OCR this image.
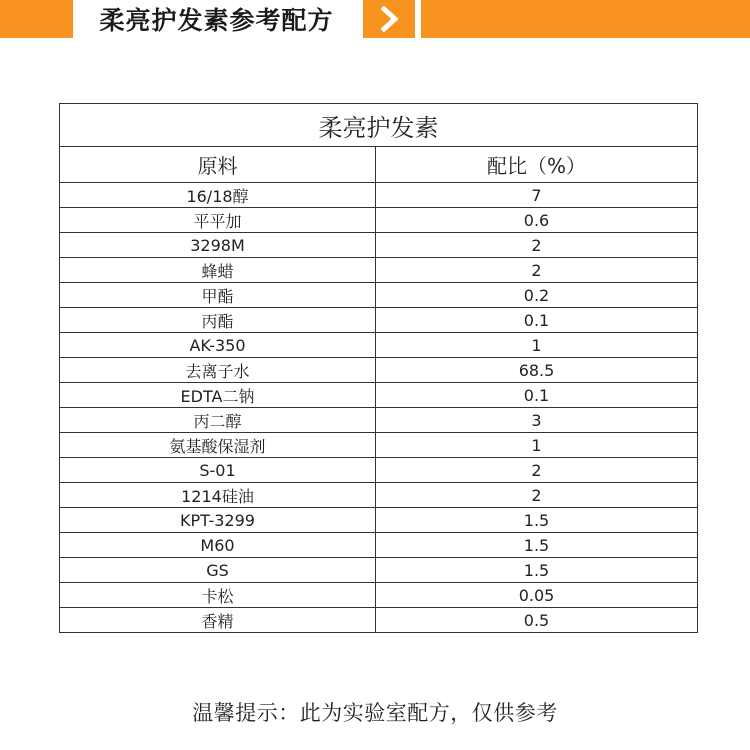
柔亮护发素参考配方
柔亮护发素	
原料	配比（%）
16/18醇	7
平平加	0.6
3298M	2
蜂蜡	2
甲酯	0.2
丙酯	0.1
AK-350	1
去离子水	68.5
EDTA二钠	0.1
丙二醇	3
氨基酸保湿剂	1
S-01	2
1214硅油	2
KPT-3299	1.5
M60	1.5
GS	1.5
卡松	0.05
香精	0.5
温馨提示：此为实验室配方，仅供参考
